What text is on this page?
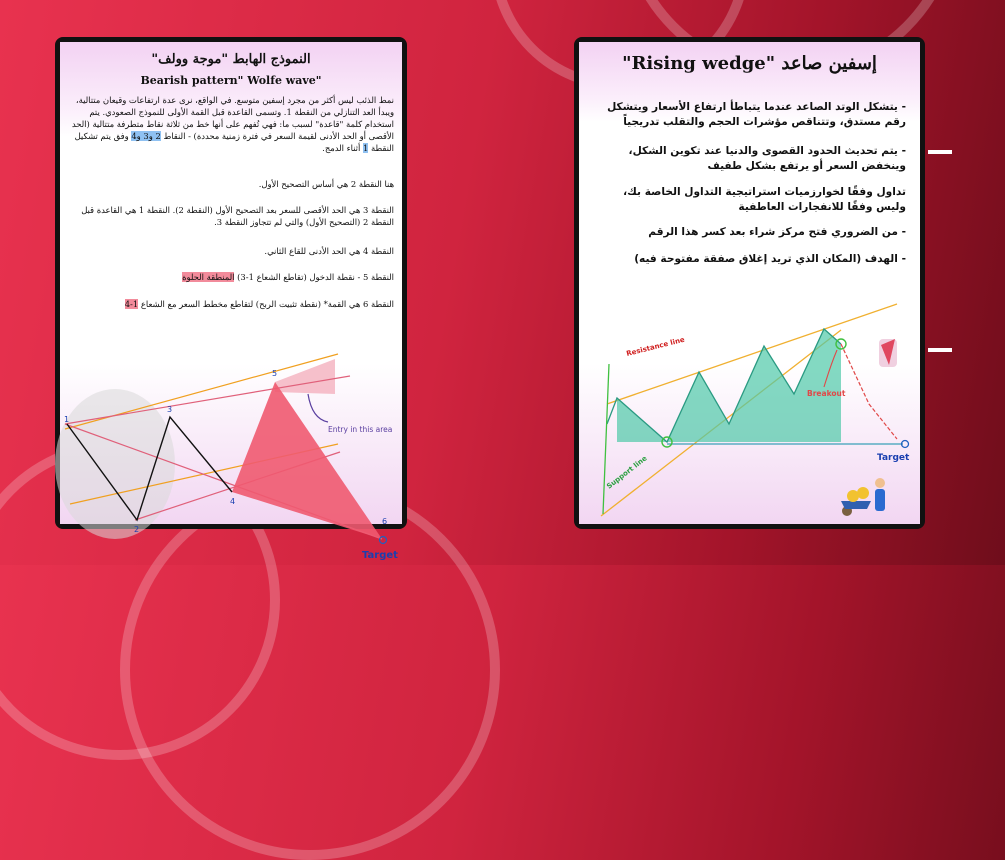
النموذج الهابط "موجة وولف"
Bearish pattern" Wolfe wave"
نمط الذئب ليس أكثر من مجرد إسفين متوسع. في الواقع، نرى عدة ارتفاعات وقيعان متتالية، ويبدأ العد التنازلي من النقطة 1. وتسمى القاعدة قبل القمة الأولى للنموذج الصعودي. يتم استخدام كلمة "قاعدة" لسبب ما: فهي تُفهم على أنها خط من ثلاثة نقاط متطرفة متتالية (الحد الأقصى أو الحد الأدنى لقيمة السعر في فترة زمنية محددة) - النقاط 2 و3 و4 وفق يتم تشكيل النقطة 1 أثناء الدمج.
هنا النقطة 2 هي أساس التصحيح الأول.
النقطة 3 هي الحد الأقصى للسعر بعد التصحيح الأول (النقطة 2). النقطة 1 هي القاعدة قبل النقطة 2 (التصحيح الأول) والتي لم تتجاوز النقطة 3.
النقطة 4 هي الحد الأدنى للقاع الثاني.
النقطة 5 - نقطة الدخول (تقاطع الشعاع 1-3) المنطقة الحلوة
النقطة 6 هي القمة* (نقطة تثبيت الربح) لتقاطع مخطط السعر مع الشعاع 1-4
1
2
3
4
5
6
Entry in this area
Target
إسفين صاعد "Rising wedge"
- يتشكل الوتد الصاعد عندما يتباطأ ارتفاع الأسعار ويتشكل رقم مستدق، وتتناقص مؤشرات الحجم والتقلب تدريجياً
- يتم تحديث الحدود القصوى والدنيا عند تكوين الشكل، وينخفض السعر أو يرتفع بشكل طفيف
تداول وفقًا لخوارزميات استراتيجية التداول الخاصة بك، وليس وفقًا للانفجارات العاطفية
- من الضروري فتح مركز شراء بعد كسر هذا الرقم
- الهدف (المكان الذي تريد إغلاق صفقة مفتوحة فيه)
Resistance line
Support line
Breakout
Target
